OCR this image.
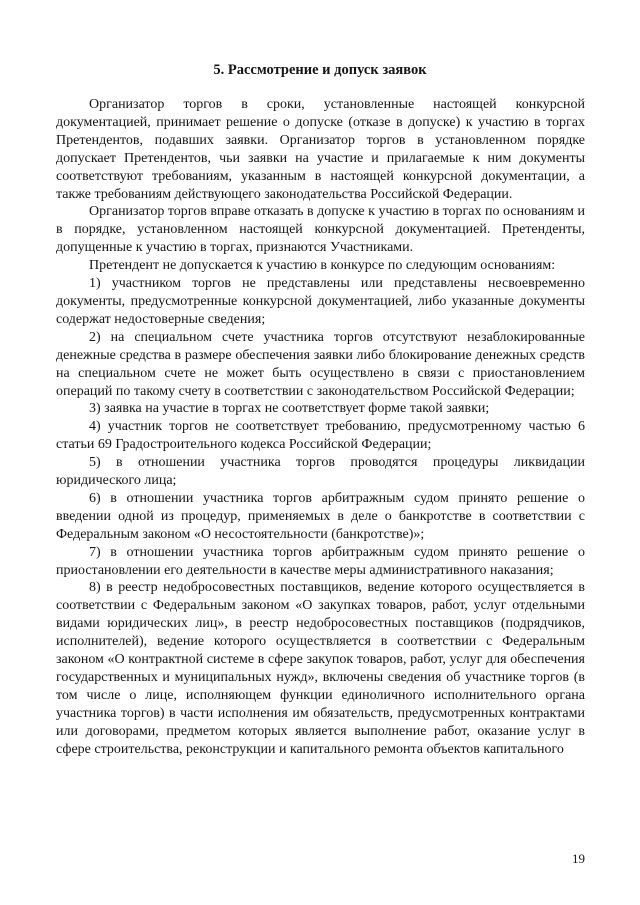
5. Рассмотрение и допуск заявок

Организатор торгов в сроки, установленные настоящей конкурсной документацией, принимает решение о допуске (отказе в допуске) к участию в торгах Претендентов, подавших заявки. Организатор торгов в установленном порядке допускает Претендентов, чьи заявки на участие и прилагаемые к ним документы соответствуют требованиям, указанным в настоящей конкурсной документации, а также требованиям действующего законодательства Российской Федерации.

Организатор торгов вправе отказать в допуске к участию в торгах по основаниям и в порядке, установленном настоящей конкурсной документацией. Претенденты, допущенные к участию в торгах, признаются Участниками.

Претендент не допускается к участию в конкурсе по следующим основаниям:

1) участником торгов не представлены или представлены несвоевременно документы, предусмотренные конкурсной документацией, либо указанные документы содержат недостоверные сведения;

2) на специальном счете участника торгов отсутствуют незаблокированные денежные средства в размере обеспечения заявки либо блокирование денежных средств на специальном счете не может быть осуществлено в связи с приостановлением операций по такому счету в соответствии с законодательством Российской Федерации;

3) заявка на участие в торгах не соответствует форме такой заявки;

4) участник торгов не соответствует требованию, предусмотренному частью 6 статьи 69 Градостроительного кодекса Российской Федерации;

5) в отношении участника торгов проводятся процедуры ликвидации юридического лица;

6) в отношении участника торгов арбитражным судом принято решение о введении одной из процедур, применяемых в деле о банкротстве в соответствии с Федеральным законом «О несостоятельности (банкротстве)»;

7) в отношении участника торгов арбитражным судом принято решение о приостановлении его деятельности в качестве меры административного наказания;

8) в реестр недобросовестных поставщиков, ведение которого осуществляется в соответствии с Федеральным законом «О закупках товаров, работ, услуг отдельными видами юридических лиц», в реестр недобросовестных поставщиков (подрядчиков, исполнителей), ведение которого осуществляется в соответствии с Федеральным законом «О контрактной системе в сфере закупок товаров, работ, услуг для обеспечения государственных и муниципальных нужд», включены сведения об участнике торгов (в том числе о лице, исполняющем функции единоличного исполнительного органа участника торгов) в части исполнения им обязательств, предусмотренных контрактами или договорами, предметом которых является выполнение работ, оказание услуг в сфере строительства, реконструкции и капитального ремонта объектов капитального

19
